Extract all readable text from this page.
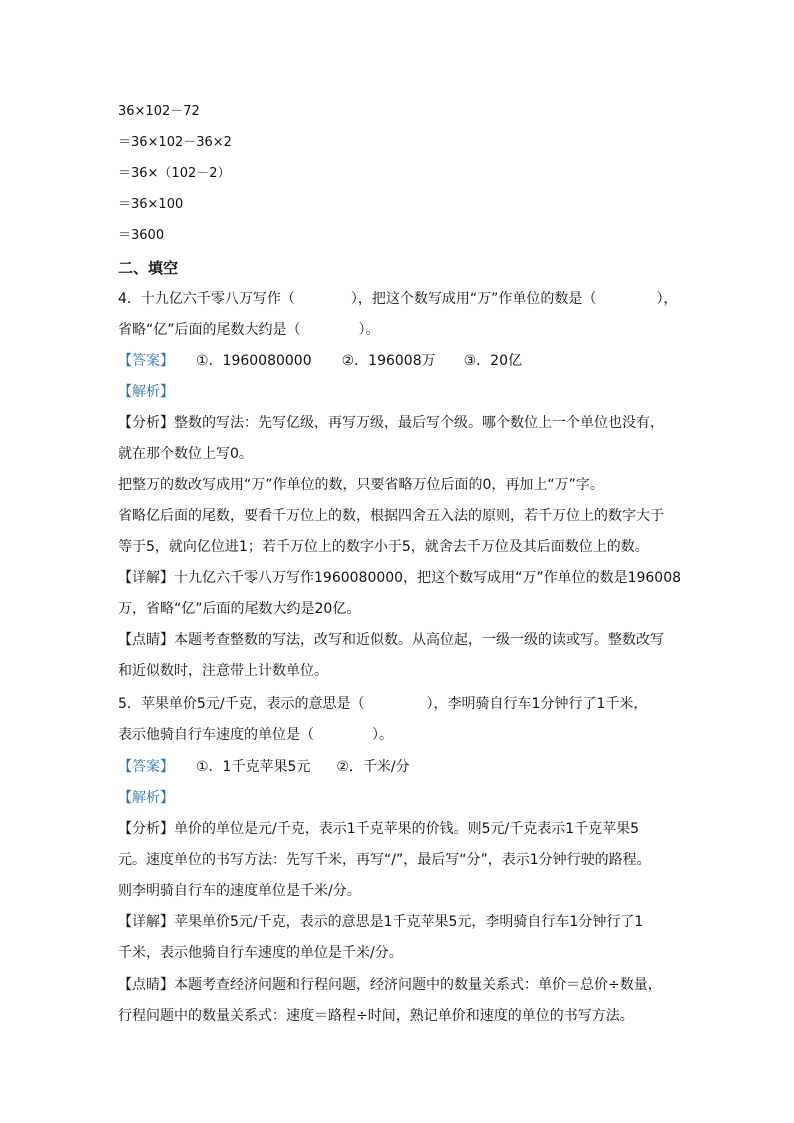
36×102－72
＝36×102－36×2
＝36×（102－2）
＝36×100
＝3600
二、填空
4．十九亿六千零八万写作（	），把这个数写成用“万”作单位的数是（	），
省略“亿”后面的尾数大约是（	）。
【答案】 ①．1960080000 ②．196008万 ③．20亿
【解析】
【分析】整数的写法：先写亿级，再写万级，最后写个级。哪个数位上一个单位也没有，
就在那个数位上写0。
把整万的数改写成用“万”作单位的数，只要省略万位后面的0，再加上“万”字。
省略亿后面的尾数，要看千万位上的数，根据四舍五入法的原则，若千万位上的数字大于
等于5，就向亿位进1；若千万位上的数字小于5，就舍去千万位及其后面数位上的数。
【详解】十九亿六千零八万写作1960080000，把这个数写成用“万”作单位的数是196008
万，省略“亿”后面的尾数大约是20亿。
【点睛】本题考查整数的写法，改写和近似数。从高位起，一级一级的读或写。整数改写
和近似数时，注意带上计数单位。
5．苹果单价5元/千克，表示的意思是（	），李明骑自行车1分钟行了1千米，
表示他骑自行车速度的单位是（	）。
【答案】 ①．1千克苹果5元 ②．千米/分
【解析】
【分析】单价的单位是元/千克，表示1千克苹果的价钱。则5元/千克表示1千克苹果5
元。速度单位的书写方法：先写千米，再写“/”，最后写“分”，表示1分钟行驶的路程。
则李明骑自行车的速度单位是千米/分。
【详解】苹果单价5元/千克，表示的意思是1千克苹果5元，李明骑自行车1分钟行了1
千米，表示他骑自行车速度的单位是千米/分。
【点睛】本题考查经济问题和行程问题，经济问题中的数量关系式：单价＝总价÷数量，
行程问题中的数量关系式：速度＝路程÷时间，熟记单价和速度的单位的书写方法。
